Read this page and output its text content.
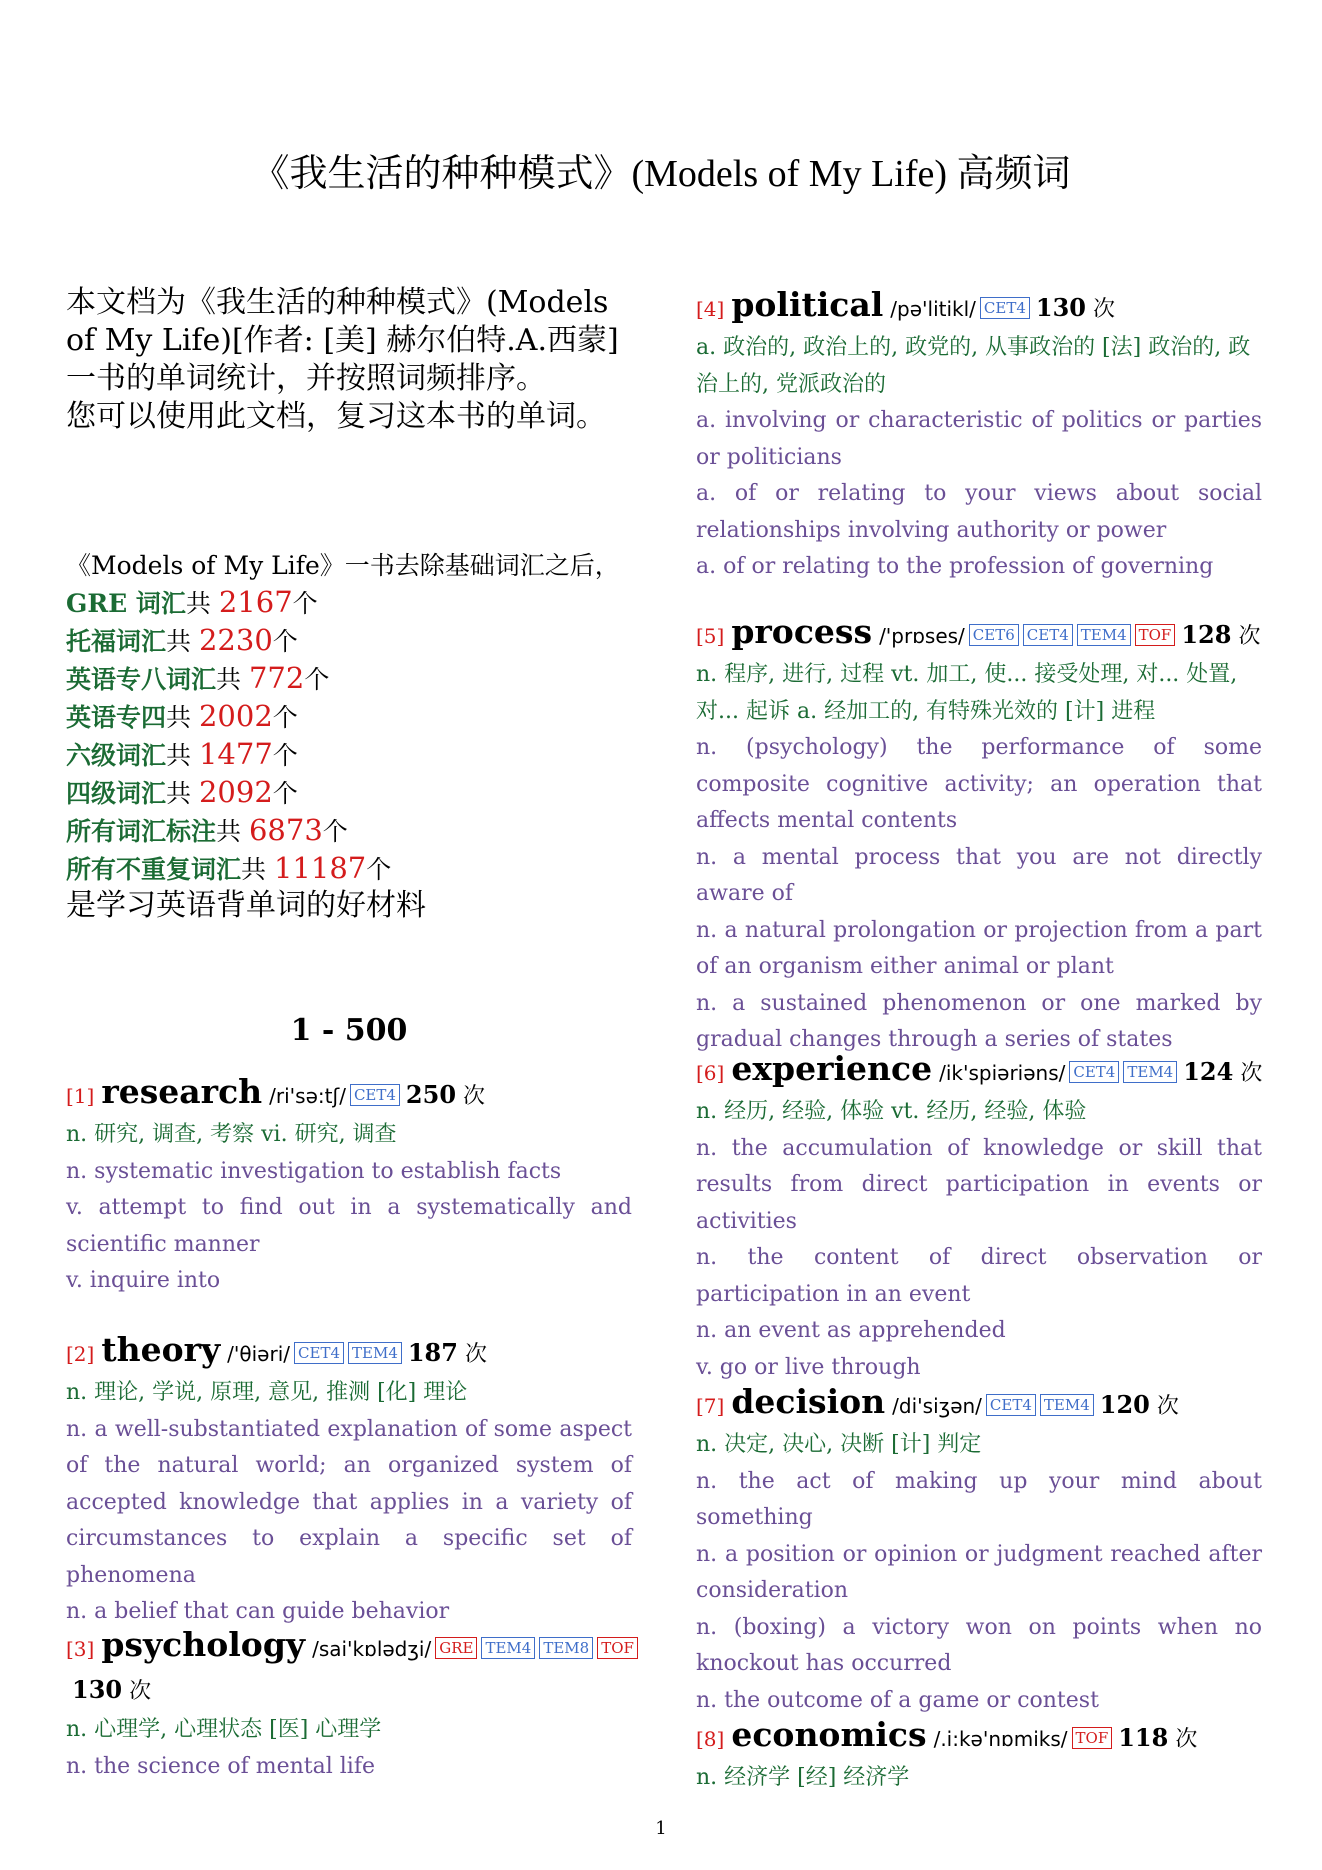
《我生活的种种模式》(Models of My Life) 高频词

本文档为《我生活的种种模式》(Models of My Life)[作者: [美] 赫尔伯特.A.西蒙] 一书的单词统计，并按照词频排序。

您可以使用此文档，复习这本书的单词。

《Models of My Life》一书去除基础词汇之后，
GRE 词汇共 2167个
托福词汇共 2230个
英语专八词汇共 772个
英语专四共 2002个
六级词汇共 1477个
四级词汇共 2092个
所有词汇标注共 6873个
所有不重复词汇共 11187个
是学习英语背单词的好材料
1 - 500
[1] research /ri'sə:tʃ/ CET4 250 次
n. 研究, 调查, 考察 vi. 研究, 调查
n. systematic investigation to establish facts
v. attempt to find out in a systematically and scientific manner
v. inquire into
[2] theory /'θiəri/ CET4 TEM4 187 次
n. 理论, 学说, 原理, 意见, 推测 [化] 理论
n. a well-substantiated explanation of some aspect of the natural world; an organized system of accepted knowledge that applies in a variety of circumstances to explain a specific set of phenomena
n. a belief that can guide behavior
[3] psychology /sai'kɒlədʒi/ GRE TEM4 TEM8 TOF
130 次
n. 心理学, 心理状态 [医] 心理学
n. the science of mental life
[4] political /pə'litikl/ CET4 130 次
a. 政治的, 政治上的, 政党的, 从事政治的 [法] 政治的, 政治上的, 党派政治的
a. involving or characteristic of politics or parties or politicians
a. of or relating to your views about social relationships involving authority or power
a. of or relating to the profession of governing
[5] process /'prɒses/ CET6 CET4 TEM4 TOF 128 次
n. 程序, 进行, 过程 vt. 加工, 使... 接受处理, 对... 处置, 对... 起诉 a. 经加工的, 有特殊光效的 [计] 进程
n. (psychology) the performance of some composite cognitive activity; an operation that affects mental contents
n. a mental process that you are not directly aware of
n. a natural prolongation or projection from a part of an organism either animal or plant
n. a sustained phenomenon or one marked by gradual changes through a series of states
[6] experience /ik'spiəriəns/ CET4 TEM4 124 次
n. 经历, 经验, 体验 vt. 经历, 经验, 体验
n. the accumulation of knowledge or skill that results from direct participation in events or activities
n. the content of direct observation or participation in an event
n. an event as apprehended
v. go or live through
[7] decision /di'siʒən/ CET4 TEM4 120 次
n. 决定, 决心, 决断 [计] 判定
n. the act of making up your mind about something
n. a position or opinion or judgment reached after consideration
n. (boxing) a victory won on points when no knockout has occurred
n. the outcome of a game or contest
[8] economics /.i:kə'nɒmiks/ TOF 118 次
n. 经济学 [经] 经济学
1
